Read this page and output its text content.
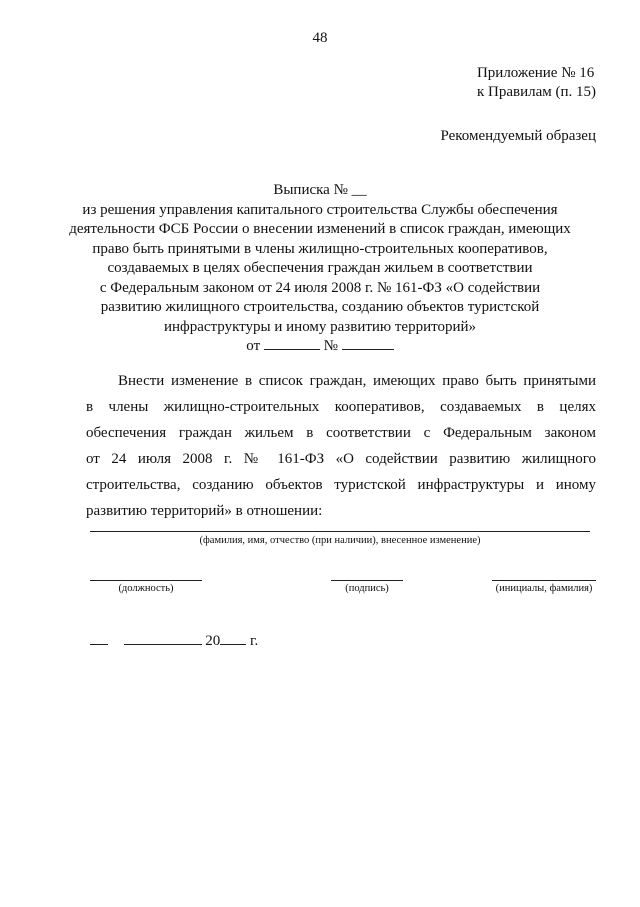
48
Приложение № 16
к Правилам (п. 15)
Рекомендуемый образец
Выписка № __
из решения управления капитального строительства Службы обеспечения
деятельности ФСБ России о внесении изменений в список граждан, имеющих
право быть принятыми в члены жилищно-строительных кооперативов,
создаваемых в целях обеспечения граждан жильем в соответствии
с Федеральным законом от 24 июля 2008 г. № 161-ФЗ «О содействии
развитию жилищного строительства, созданию объектов туристской
инфраструктуры и иному развитию территорий»
от	№
Внести изменение в список граждан, имеющих право быть принятыми
в члены жилищно-строительных кооперативов, создаваемых в целях
обеспечения граждан жильем в соответствии с Федеральным законом
от 24 июля 2008 г. № 161-ФЗ «О содействии развитию жилищного
строительства, созданию объектов туристской инфраструктуры и иному
развитию территорий» в отношении:
(фамилия, имя, отчество (при наличии), внесенное изменение)
(должность)	(подпись)	(инициалы, фамилия)
20 г.
